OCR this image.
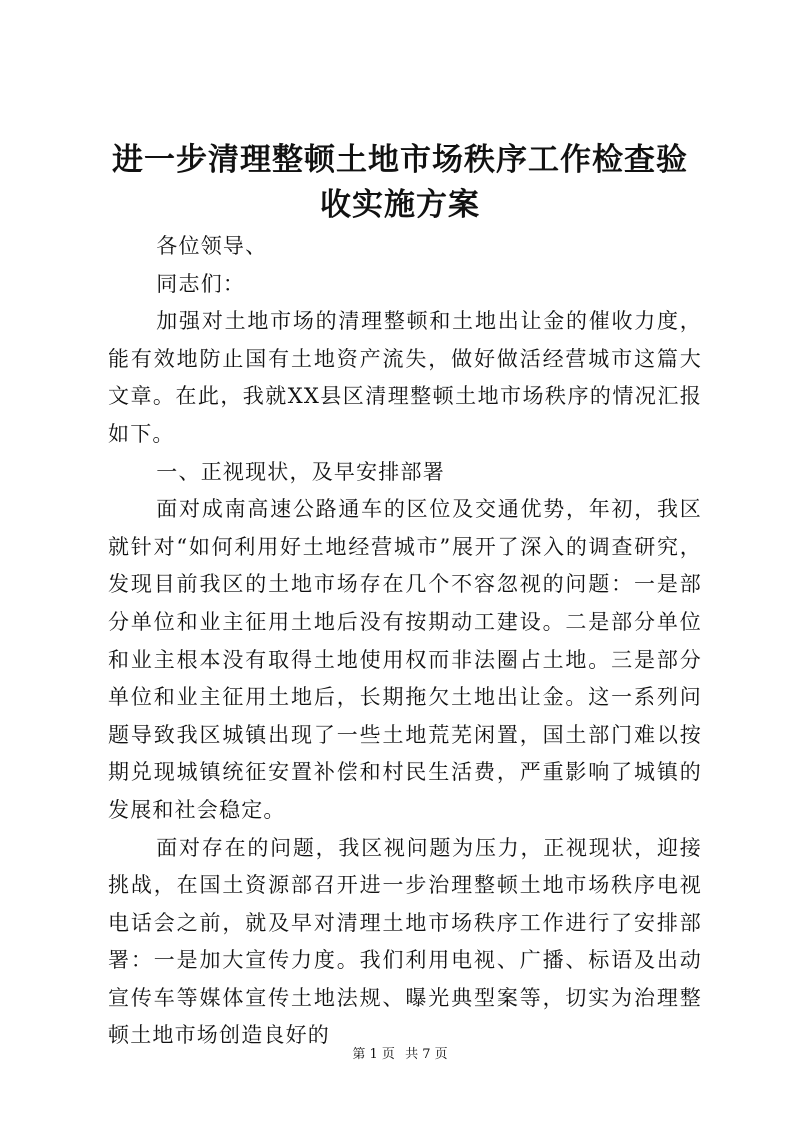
进一步清理整顿土地市场秩序工作检查验收实施方案

各位领导、

同志们：

加强对土地市场的清理整顿和土地出让金的催收力度，能有效地防止国有土地资产流失，做好做活经营城市这篇大文章。在此，我就XX县区清理整顿土地市场秩序的情况汇报如下。

一、正视现状，及早安排部署

面对成南高速公路通车的区位及交通优势，年初，我区就针对“如何利用好土地经营城市”展开了深入的调查研究，发现目前我区的土地市场存在几个不容忽视的问题：一是部分单位和业主征用土地后没有按期动工建设。二是部分单位和业主根本没有取得土地使用权而非法圈占土地。三是部分单位和业主征用土地后，长期拖欠土地出让金。这一系列问题导致我区城镇出现了一些土地荒芜闲置，国土部门难以按期兑现城镇统征安置补偿和村民生活费，严重影响了城镇的发展和社会稳定。

面对存在的问题，我区视问题为压力，正视现状，迎接挑战，在国土资源部召开进一步治理整顿土地市场秩序电视电话会之前，就及早对清理土地市场秩序工作进行了安排部署：一是加大宣传力度。我们利用电视、广播、标语及出动宣传车等媒体宣传土地法规、曝光典型案等，切实为治理整顿土地市场创造良好的

第 1 页 共 7 页
